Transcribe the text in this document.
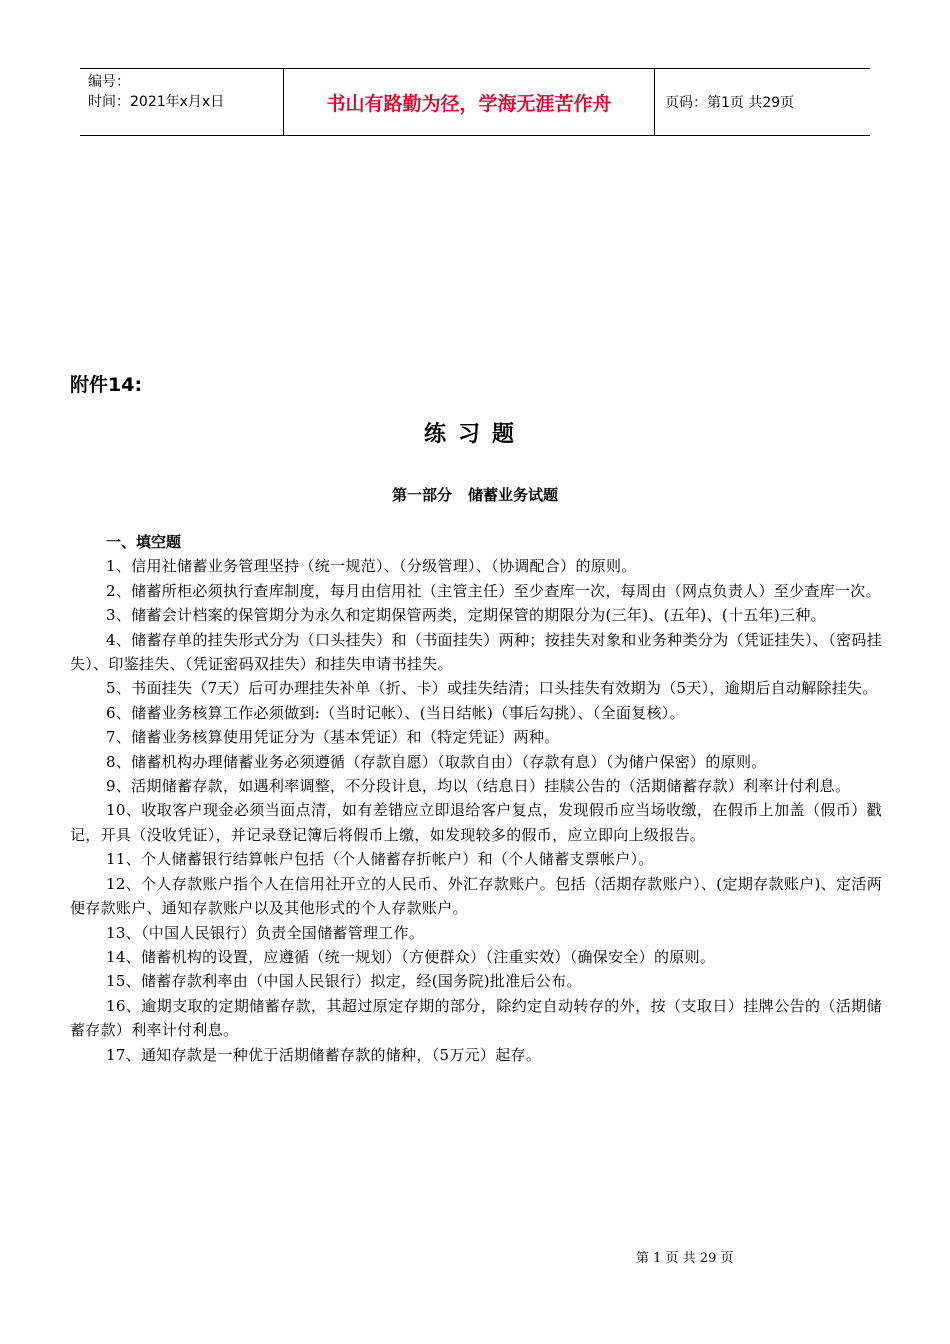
编号：
时间：2021年x月x日	书山有路勤为径，学海无涯苦作舟	页码：第1页 共29页
附件14:
练习题
第一部分 储蓄业务试题
一、填空题

1、信用社储蓄业务管理坚持（统一规范）、（分级管理）、（协调配合）的原则。

2、储蓄所柜必须执行查库制度，每月由信用社（主管主任）至少查库一次，每周由（网点负责人）至少查库一次。

3、储蓄会计档案的保管期分为永久和定期保管两类，定期保管的期限分为(三年)、(五年)、(十五年)三种。

4、储蓄存单的挂失形式分为（口头挂失）和（书面挂失）两种；按挂失对象和业务种类分为（凭证挂失）、（密码挂失）、印鉴挂失、（凭证密码双挂失）和挂失申请书挂失。

5、书面挂失（7天）后可办理挂失补单（折、卡）或挂失结清；口头挂失有效期为（5天），逾期后自动解除挂失。

6、储蓄业务核算工作必须做到:（当时记帐）、(当日结帐)（事后勾挑）、（全面复核）。

7、储蓄业务核算使用凭证分为（基本凭证）和（特定凭证）两种。

8、储蓄机构办理储蓄业务必须遵循（存款自愿）（取款自由）（存款有息）（为储户保密）的原则。

9、活期储蓄存款，如遇利率调整，不分段计息，均以（结息日）挂牍公告的（活期储蓄存款）利率计付利息。

10、收取客户现金必须当面点清，如有差错应立即退给客户复点，发现假币应当场收缴，在假币上加盖（假币）戳记，开具（没收凭证），并记录登记簿后将假币上缴，如发现较多的假币，应立即向上级报告。

11、个人储蓄银行结算帐户包括（个人储蓄存折帐户）和（个人储蓄支票帐户）。

12、个人存款账户指个人在信用社开立的人民币、外汇存款账户。包括（活期存款账户）、(定期存款账户)、定活两便存款账户、通知存款账户以及其他形式的个人存款账户。

13、（中国人民银行）负责全国储蓄管理工作。

14、储蓄机构的设置，应遵循（统一规划）（方便群众）（注重实效）（确保安全）的原则。

15、储蓄存款利率由（中国人民银行）拟定，经(国务院)批准后公布。

16、逾期支取的定期储蓄存款，其超过原定存期的部分，除约定自动转存的外，按（支取日）挂牌公告的（活期储蓄存款）利率计付利息。

17、通知存款是一种优于活期储蓄存款的储种，（5万元）起存。

第 1 页 共 29 页
